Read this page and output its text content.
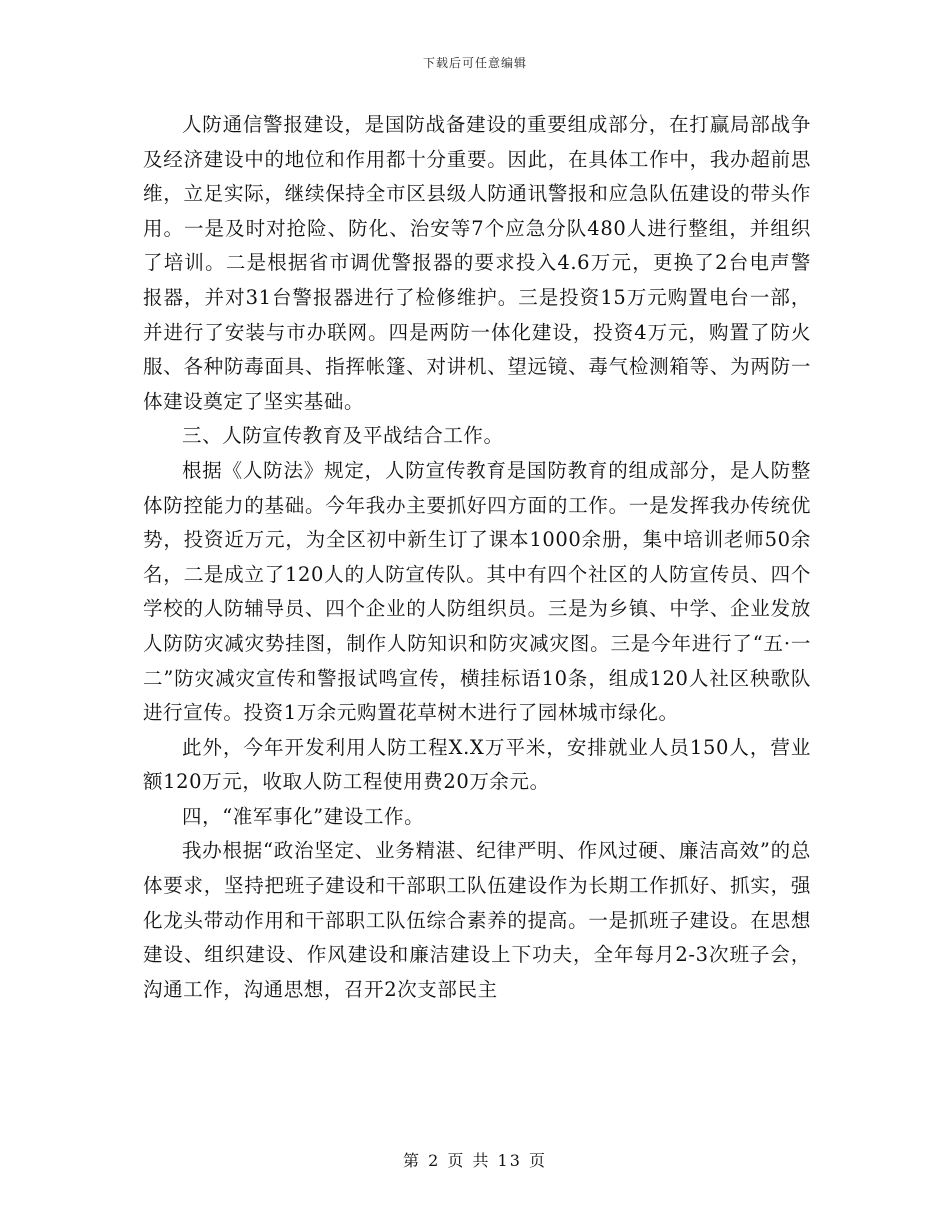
下载后可任意编辑

人防通信警报建设，是国防战备建设的重要组成部分，在打赢局部战争及经济建设中的地位和作用都十分重要。因此，在具体工作中，我办超前思维，立足实际，继续保持全市区县级人防通讯警报和应急队伍建设的带头作用。一是及时对抢险、防化、治安等7个应急分队480人进行整组，并组织了培训。二是根据省市调优警报器的要求投入4.6万元，更换了2台电声警报器，并对31台警报器进行了检修维护。三是投资15万元购置电台一部，并进行了安装与市办联网。四是两防一体化建设，投资4万元，购置了防火服、各种防毒面具、指挥帐篷、对讲机、望远镜、毒气检测箱等、为两防一体建设奠定了坚实基础。

三、人防宣传教育及平战结合工作。

根据《人防法》规定，人防宣传教育是国防教育的组成部分，是人防整体防控能力的基础。今年我办主要抓好四方面的工作。一是发挥我办传统优势，投资近万元，为全区初中新生订了课本1000余册，集中培训老师50余名，二是成立了120人的人防宣传队。其中有四个社区的人防宣传员、四个学校的人防辅导员、四个企业的人防组织员。三是为乡镇、中学、企业发放人防防灾减灾势挂图，制作人防知识和防灾减灾图。三是今年进行了“五·一二”防灾减灾宣传和警报试鸣宣传，横挂标语10条，组成120人社区秧歌队进行宣传。投资1万余元购置花草树木进行了园林城市绿化。

此外，今年开发利用人防工程X.X万平米，安排就业人员150人，营业额120万元，收取人防工程使用费20万余元。

四，“准军事化”建设工作。

我办根据“政治坚定、业务精湛、纪律严明、作风过硬、廉洁高效”的总体要求，坚持把班子建设和干部职工队伍建设作为长期工作抓好、抓实，强化龙头带动作用和干部职工队伍综合素养的提高。一是抓班子建设。在思想建设、组织建设、作风建设和廉洁建设上下功夫，全年每月2-3次班子会，沟通工作，沟通思想，召开2次支部民主

第 2 页 共 13 页
